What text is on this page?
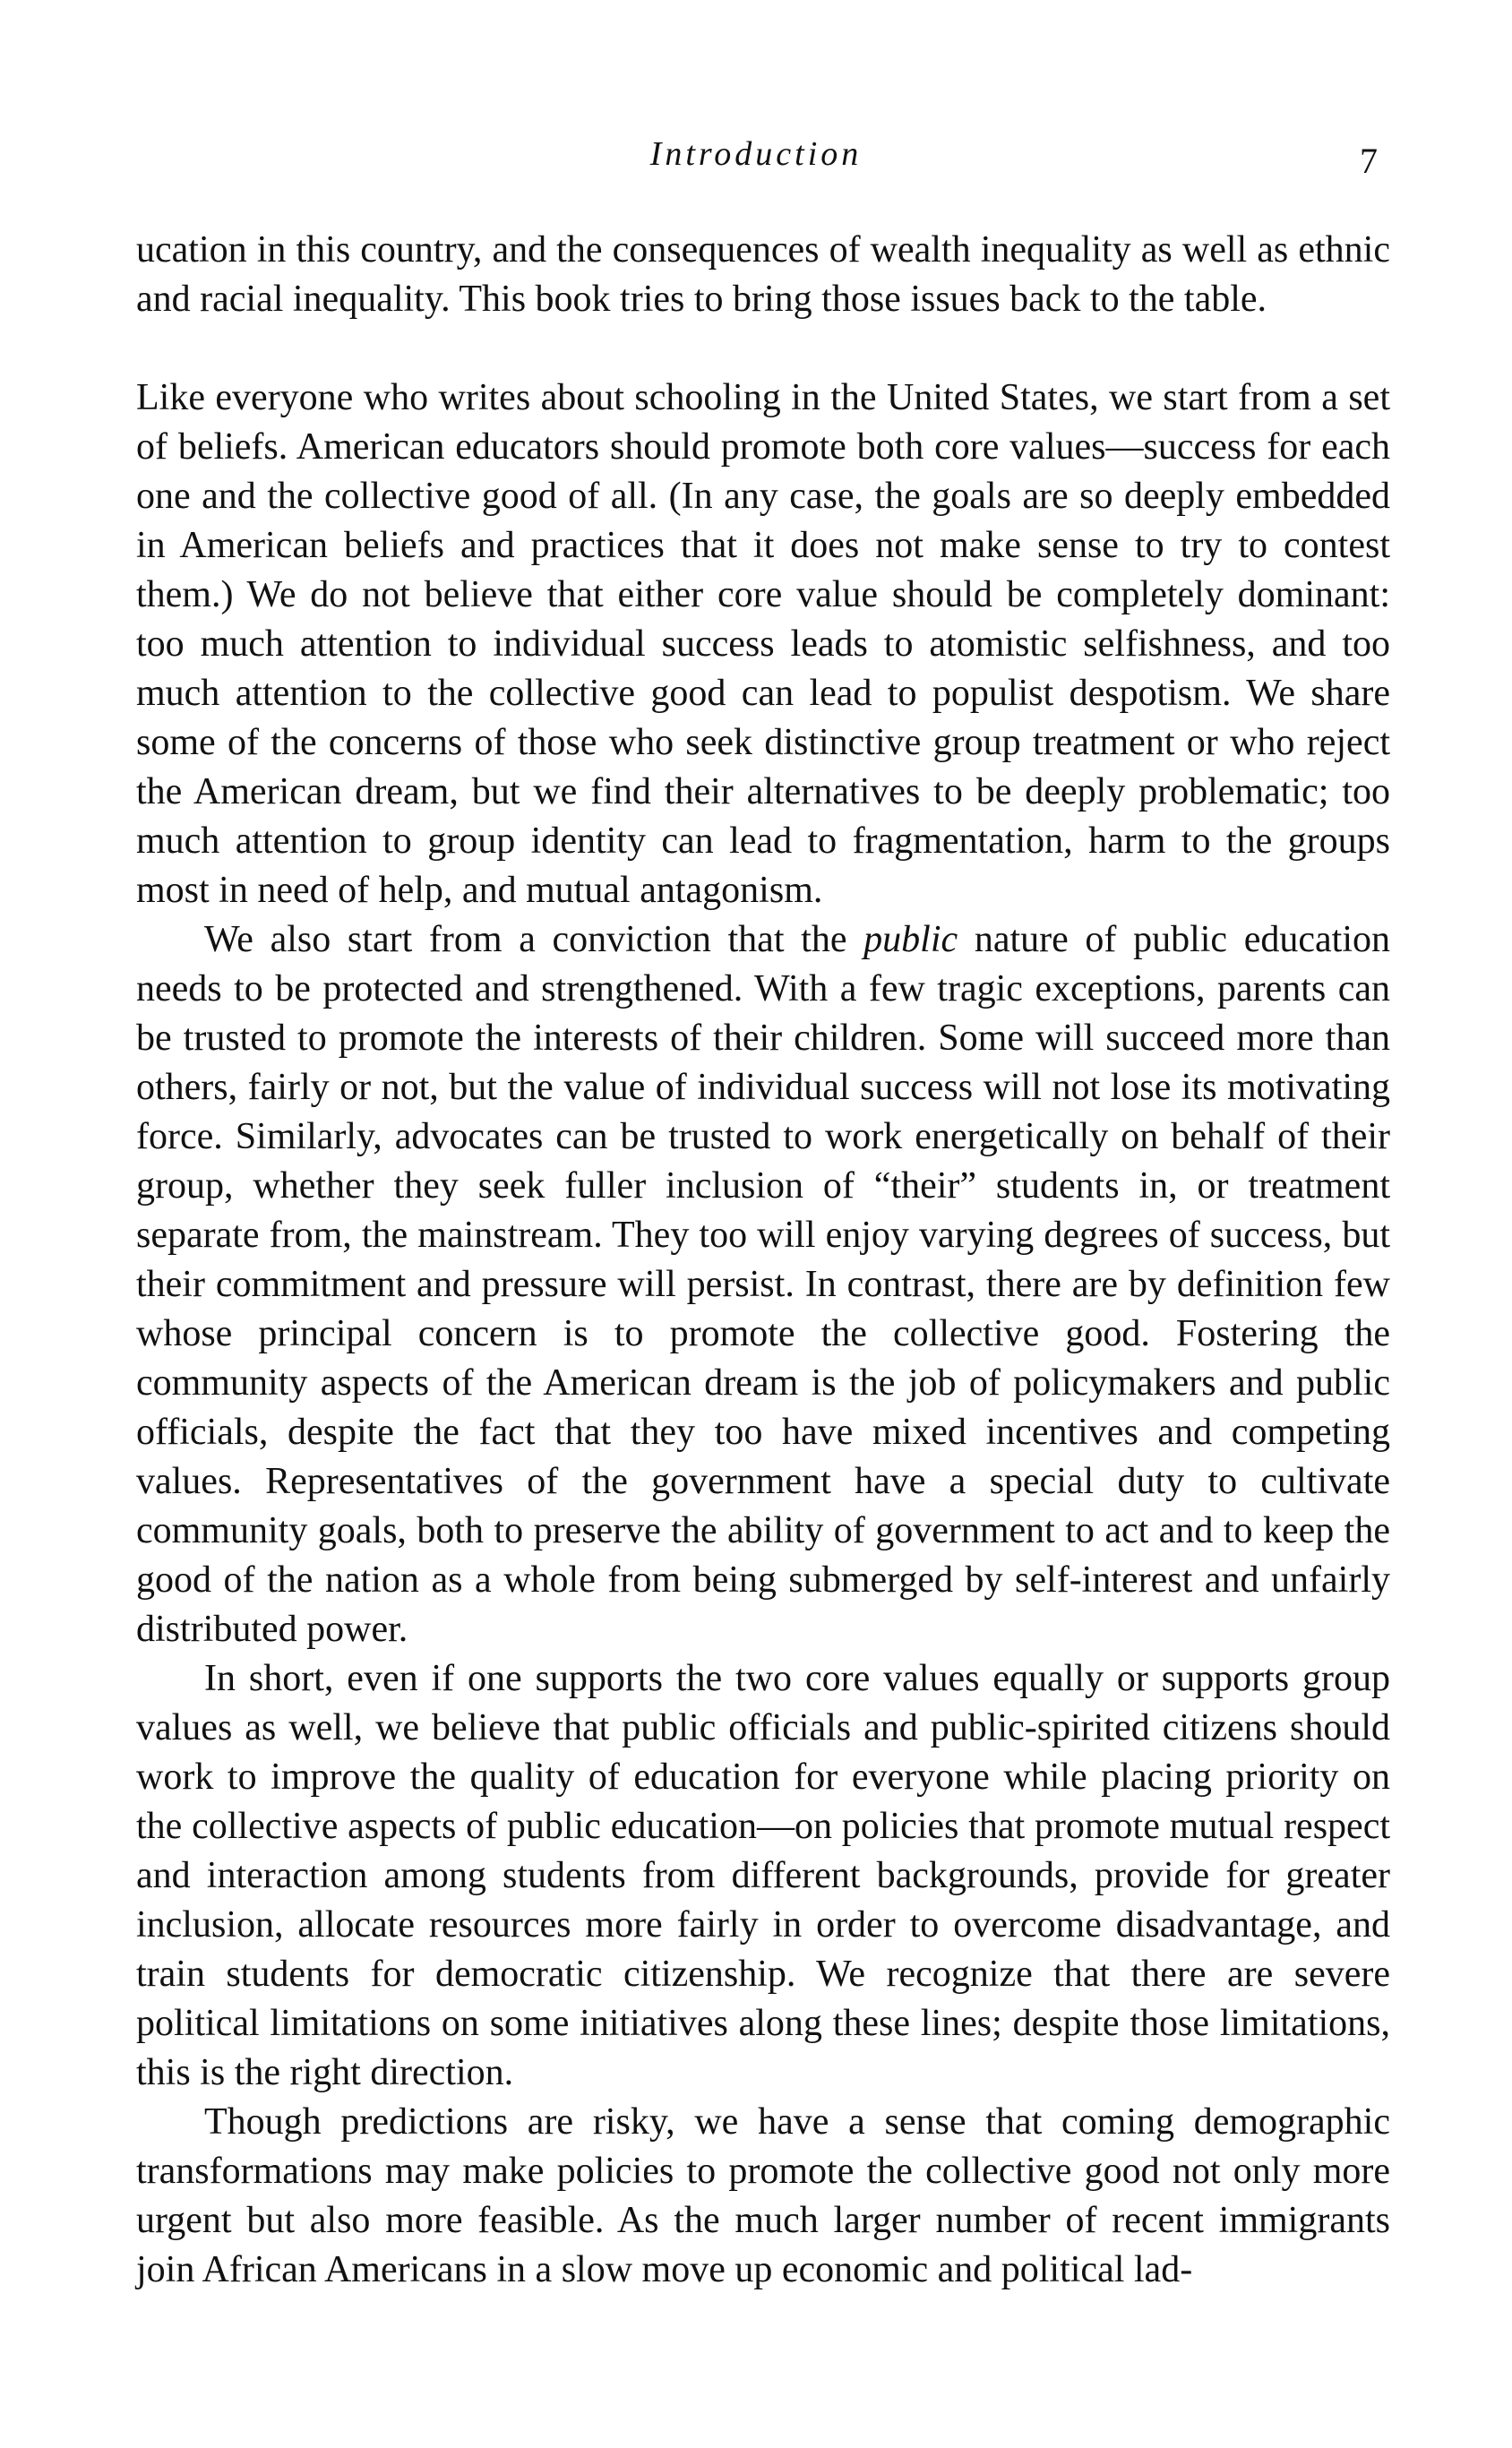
Introduction	7

ucation in this country, and the consequences of wealth inequality as well as ethnic and racial inequality. This book tries to bring those issues back to the table.

Like everyone who writes about schooling in the United States, we start from a set of beliefs. American educators should promote both core values—success for each one and the collective good of all. (In any case, the goals are so deeply embedded in American beliefs and practices that it does not make sense to try to contest them.) We do not believe that either core value should be completely dominant: too much attention to individual success leads to atomistic selfishness, and too much attention to the collective good can lead to populist despotism. We share some of the concerns of those who seek distinctive group treatment or who reject the American dream, but we find their alternatives to be deeply problematic; too much attention to group identity can lead to fragmentation, harm to the groups most in need of help, and mutual antagonism.

We also start from a conviction that the public nature of public education needs to be protected and strengthened. With a few tragic exceptions, parents can be trusted to promote the interests of their children. Some will succeed more than others, fairly or not, but the value of individual success will not lose its motivating force. Similarly, advocates can be trusted to work energetically on behalf of their group, whether they seek fuller inclusion of “their” students in, or treatment separate from, the mainstream. They too will enjoy varying degrees of success, but their commitment and pressure will persist. In contrast, there are by definition few whose principal concern is to promote the collective good. Fostering the community aspects of the American dream is the job of policymakers and public officials, despite the fact that they too have mixed incentives and competing values. Representatives of the government have a special duty to cultivate community goals, both to preserve the ability of government to act and to keep the good of the nation as a whole from being submerged by self-interest and unfairly distributed power.

In short, even if one supports the two core values equally or supports group values as well, we believe that public officials and public-spirited citizens should work to improve the quality of education for everyone while placing priority on the collective aspects of public education—on policies that promote mutual respect and interaction among students from different backgrounds, provide for greater inclusion, allocate resources more fairly in order to overcome disadvantage, and train students for democratic citizenship. We recognize that there are severe political limitations on some initiatives along these lines; despite those limitations, this is the right direction.

Though predictions are risky, we have a sense that coming demographic transformations may make policies to promote the collective good not only more urgent but also more feasible. As the much larger number of recent immigrants join African Americans in a slow move up economic and political lad-
